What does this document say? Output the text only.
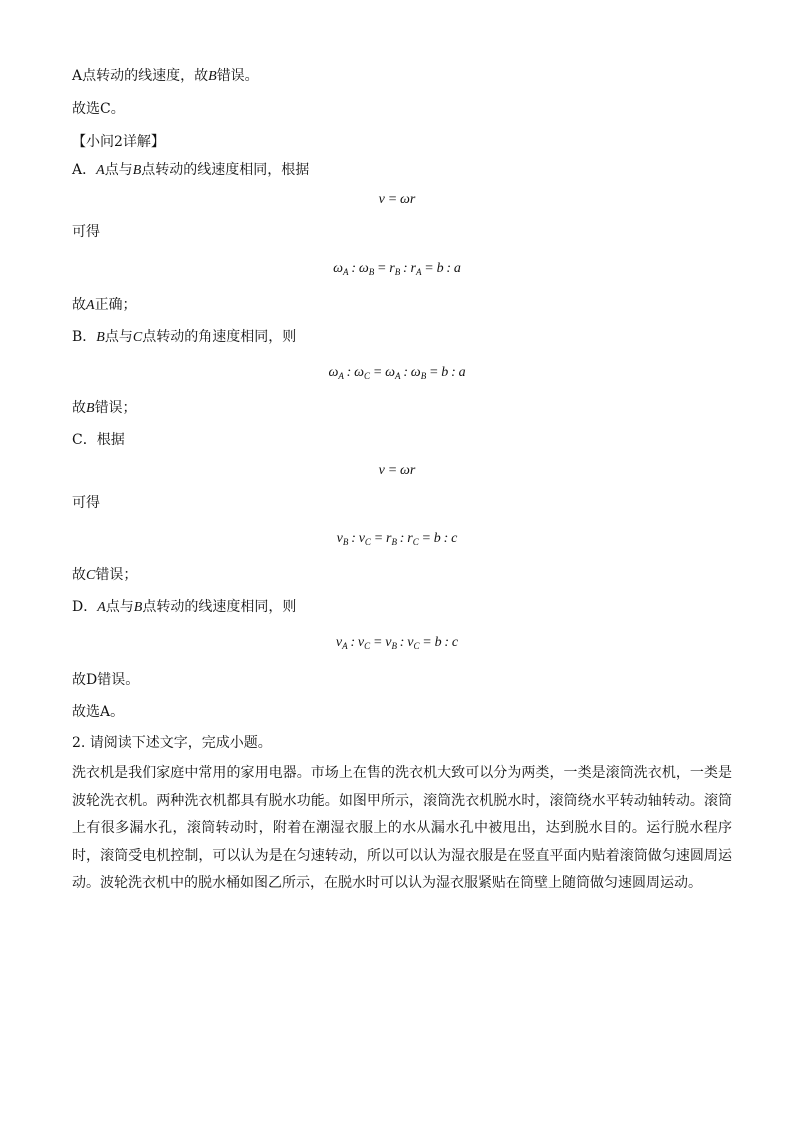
A点转动的线速度，故B错误。
故选C。
【小问2详解】
A．A点与B点转动的线速度相同，根据
v  =  ωr
可得
$\omega_A$  :  $\omega_B = r_B$  :  $r_A = b$  :  a
故A正确；
B．B点与C点转动的角速度相同，则
$\omega_A$  :  $\omega_C = \omega_A$  :  $\omega_B = b$  :  a
故B错误；
C．根据
v  =  ωr
可得
$v_B$  :  $v_C = r_B$  :  $r_C = b$  :  c
故C错误；
D．A点与B点转动的线速度相同，则
$v_A$  :  $v_C = v_B$  :  $v_C = b$  :  c
故D错误。
故选A。
2. 请阅读下述文字，完成小题。
洗衣机是我们家庭中常用的家用电器。市场上在售的洗衣机大致可以分为两类，一类是滚筒洗衣机，一类是波轮洗衣机。两种洗衣机都具有脱水功能。如图甲所示，滚筒洗衣机脱水时，滚筒绕水平转动轴转动。滚筒上有很多漏水孔，滚筒转动时，附着在潮湿衣服上的水从漏水孔中被甩出，达到脱水目的。运行脱水程序时，滚筒受电机控制，可以认为是在匀速转动，所以可以认为湿衣服是在竖直平面内贴着滚筒做匀速圆周运动。波轮洗衣机中的脱水桶如图乙所示，在脱水时可以认为湿衣服紧贴在筒壁上随筒做匀速圆周运动。
